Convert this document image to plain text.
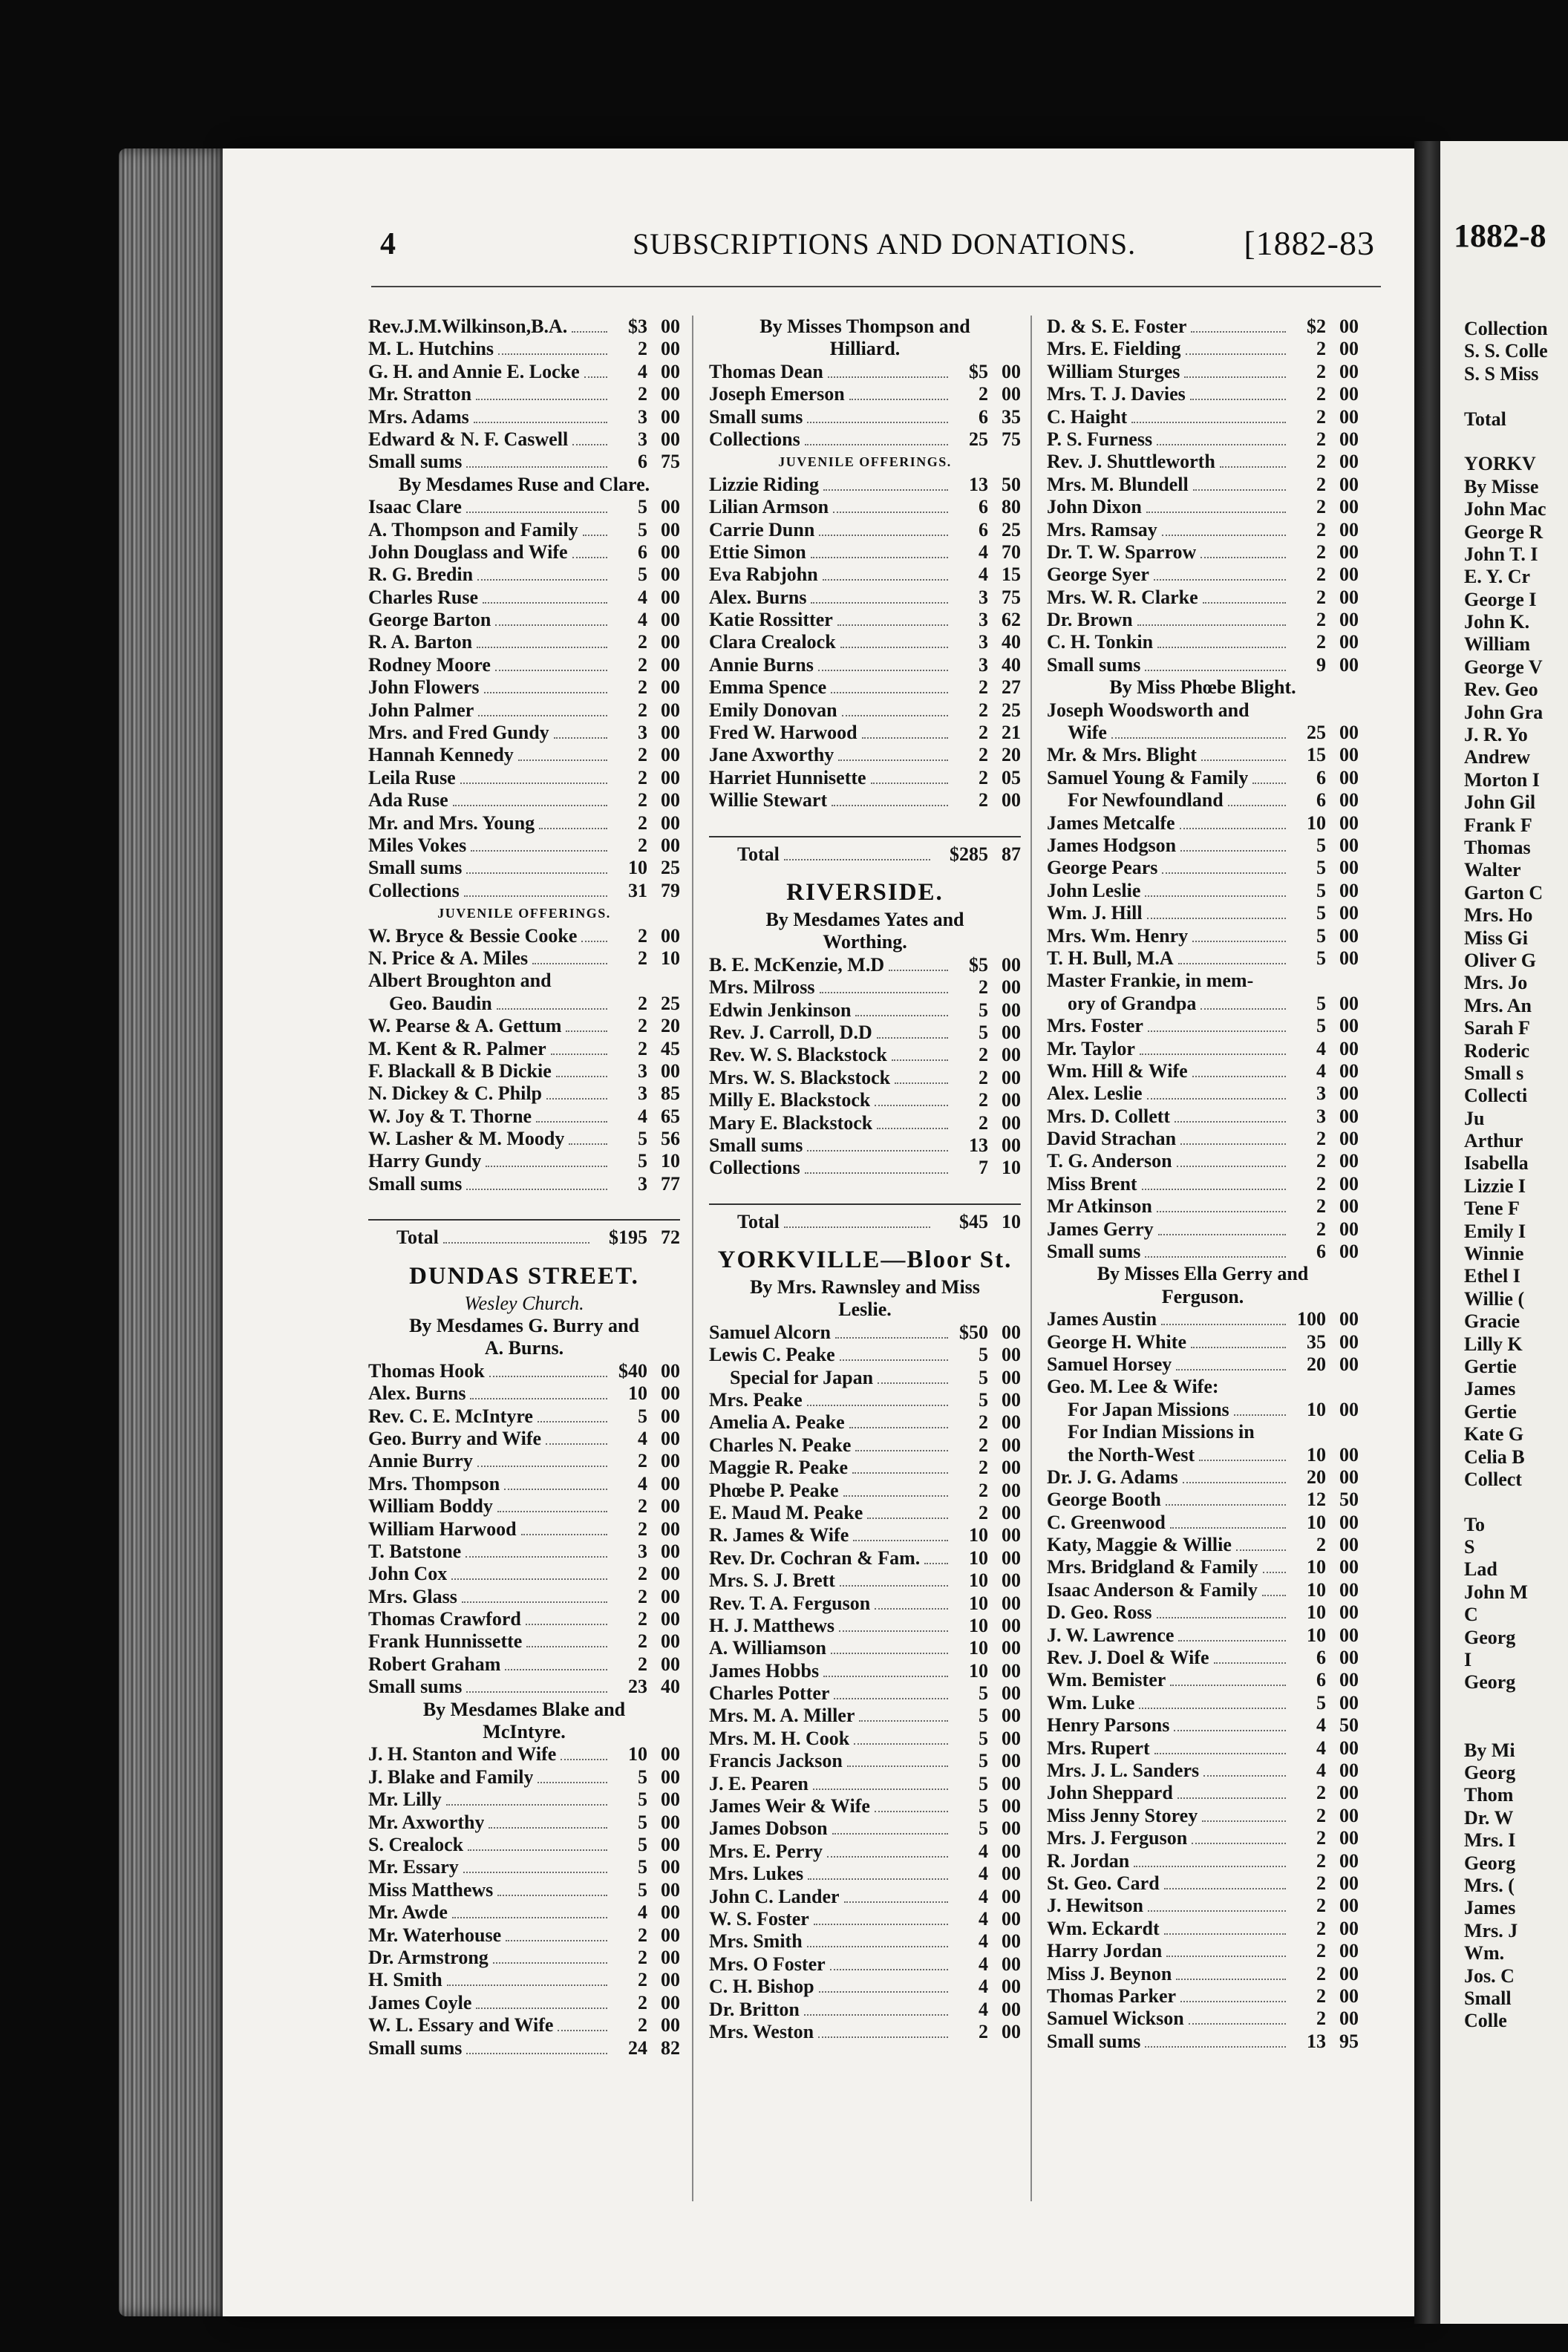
4	SUBSCRIPTIONS AND DONATIONS.	[1882-83
Rev.J.M.Wilkinson,B.A.	$3 00
M. L. Hutchins	2 00
G. H. and Annie E. Locke	4 00
Mr. Stratton	2 00
Mrs. Adams	3 00
Edward & N. F. Caswell	3 00
Small sums	6 75
By Mesdames Ruse and Clare.
Isaac Clare	5 00
A. Thompson and Family	5 00
John Douglass and Wife	6 00
R. G. Bredin	5 00
Charles Ruse	4 00
George Barton	4 00
R. A. Barton	2 00
Rodney Moore	2 00
John Flowers	2 00
John Palmer	2 00
Mrs. and Fred Gundy	3 00
Hannah Kennedy	2 00
Leila Ruse	2 00
Ada Ruse	2 00
Mr. and Mrs. Young	2 00
Miles Vokes	2 00
Small sums	10 25
Collections	31 79
JUVENILE OFFERINGS.
W. Bryce & Bessie Cooke	2 00
N. Price & A. Miles	2 10
Albert Broughton and
Geo. Baudin	2 25
W. Pearse & A. Gettum	2 20
M. Kent & R. Palmer	2 45
F. Blackall & B Dickie	3 00
N. Dickey & C. Philp	3 85
W. Joy & T. Thorne	4 65
W. Lasher & M. Moody	5 56
Harry Gundy	5 10
Small sums	3 77
Total	$195 72
DUNDAS STREET.
Wesley Church.
By Mesdames G. Burry and
A. Burns.
Thomas Hook	$40 00
Alex. Burns	10 00
Rev. C. E. McIntyre	5 00
Geo. Burry and Wife	4 00
Annie Burry	2 00
Mrs. Thompson	4 00
William Boddy	2 00
William Harwood	2 00
T. Batstone	3 00
John Cox	2 00
Mrs. Glass	2 00
Thomas Crawford	2 00
Frank Hunnissette	2 00
Robert Graham	2 00
Small sums	23 40
By Mesdames Blake and
McIntyre.
J. H. Stanton and Wife	10 00
J. Blake and Family	5 00
Mr. Lilly	5 00
Mr. Axworthy	5 00
S. Crealock	5 00
Mr. Essary	5 00
Miss Matthews	5 00
Mr. Awde	4 00
Mr. Waterhouse	2 00
Dr. Armstrong	2 00
H. Smith	2 00
James Coyle	2 00
W. L. Essary and Wife	2 00
Small sums	24 82
By Misses Thompson and
Hilliard.
Thomas Dean	$5 00
Joseph Emerson	2 00
Small sums	6 35
Collections	25 75
JUVENILE OFFERINGS.
Lizzie Riding	13 50
Lilian Armson	6 80
Carrie Dunn	6 25
Ettie Simon	4 70
Eva Rabjohn	4 15
Alex. Burns	3 75
Katie Rossitter	3 62
Clara Crealock	3 40
Annie Burns	3 40
Emma Spence	2 27
Emily Donovan	2 25
Fred W. Harwood	2 21
Jane Axworthy	2 20
Harriet Hunnisette	2 05
Willie Stewart	2 00
Total	$285 87
RIVERSIDE.
By Mesdames Yates and
Worthing.
B. E. McKenzie, M.D	$5 00
Mrs. Milross	2 00
Edwin Jenkinson	5 00
Rev. J. Carroll, D.D	5 00
Rev. W. S. Blackstock	2 00
Mrs. W. S. Blackstock	2 00
Milly E. Blackstock	2 00
Mary E. Blackstock	2 00
Small sums	13 00
Collections	7 10
Total	$45 10
YORKVILLE—Bloor St.
By Mrs. Rawnsley and Miss
Leslie.
Samuel Alcorn	$50 00
Lewis C. Peake	5 00
Special for Japan	5 00
Mrs. Peake	5 00
Amelia A. Peake	2 00
Charles N. Peake	2 00
Maggie R. Peake	2 00
Phœbe P. Peake	2 00
E. Maud M. Peake	2 00
R. James & Wife	10 00
Rev. Dr. Cochran & Fam.	10 00
Mrs. S. J. Brett	10 00
Rev. T. A. Ferguson	10 00
H. J. Matthews	10 00
A. Williamson	10 00
James Hobbs	10 00
Charles Potter	5 00
Mrs. M. A. Miller	5 00
Mrs. M. H. Cook	5 00
Francis Jackson	5 00
J. E. Pearen	5 00
James Weir & Wife	5 00
James Dobson	5 00
Mrs. E. Perry	4 00
Mrs. Lukes	4 00
John C. Lander	4 00
W. S. Foster	4 00
Mrs. Smith	4 00
Mrs. O Foster	4 00
C. H. Bishop	4 00
Dr. Britton	4 00
Mrs. Weston	2 00
D. & S. E. Foster	$2 00
Mrs. E. Fielding	2 00
William Sturges	2 00
Mrs. T. J. Davies	2 00
C. Haight	2 00
P. S. Furness	2 00
Rev. J. Shuttleworth	2 00
Mrs. M. Blundell	2 00
John Dixon	2 00
Mrs. Ramsay	2 00
Dr. T. W. Sparrow	2 00
George Syer	2 00
Mrs. W. R. Clarke	2 00
Dr. Brown	2 00
C. H. Tonkin	2 00
Small sums	9 00
By Miss Phœbe Blight.
Joseph Woodsworth and
Wife	25 00
Mr. & Mrs. Blight	15 00
Samuel Young & Family	6 00
For Newfoundland	6 00
James Metcalfe	10 00
James Hodgson	5 00
George Pears	5 00
John Leslie	5 00
Wm. J. Hill	5 00
Mrs. Wm. Henry	5 00
T. H. Bull, M.A	5 00
Master Frankie, in mem-
ory of Grandpa	5 00
Mrs. Foster	5 00
Mr. Taylor	4 00
Wm. Hill & Wife	4 00
Alex. Leslie	3 00
Mrs. D. Collett	3 00
David Strachan	2 00
T. G. Anderson	2 00
Miss Brent	2 00
Mr Atkinson	2 00
James Gerry	2 00
Small sums	6 00
By Misses Ella Gerry and
Ferguson.
James Austin	100 00
George H. White	35 00
Samuel Horsey	20 00
Geo. M. Lee & Wife:
For Japan Missions	10 00
For Indian Missions in
the North-West	10 00
Dr. J. G. Adams	20 00
George Booth	12 50
C. Greenwood	10 00
Katy, Maggie & Willie	2 00
Mrs. Bridgland & Family	10 00
Isaac Anderson & Family	10 00
D. Geo. Ross	10 00
J. W. Lawrence	10 00
Rev. J. Doel & Wife	6 00
Wm. Bemister	6 00
Wm. Luke	5 00
Henry Parsons	4 50
Mrs. Rupert	4 00
Mrs. J. L. Sanders	4 00
John Sheppard	2 00
Miss Jenny Storey	2 00
Mrs. J. Ferguson	2 00
R. Jordan	2 00
St. Geo. Card	2 00
J. Hewitson	2 00
Wm. Eckardt	2 00
Harry Jordan	2 00
Miss J. Beynon	2 00
Thomas Parker	2 00
Samuel Wickson	2 00
Small sums	13 95
1882-8
Collection
S. S. Colle
S. S Miss
Total
YORKV
By Misse
John Mac
George R
John T. I
E. Y. Cr
George I
John K.
William
George V
Rev. Geo
John Gra
J. R. Yo
Andrew
Morton I
John Gil
Frank F
Thomas
Walter
Garton C
Mrs. Ho
Miss Gi
Oliver G
Mrs. Jo
Mrs. An
Sarah F
Roderic
Small s
Collecti
Ju
Arthur
Isabella
Lizzie I
Tene F
Emily I
Winnie
Ethel I
Willie (
Gracie
Lilly K
Gertie
James
Gertie
Kate G
Celia B
Collect
To
S
Lad
John M
C
Georg
I
Georg
By Mi
Georg
Thom
Dr. W
Mrs. I
Georg
Mrs. (
James
Mrs. J
Wm.
Jos. C
Small
Colle
